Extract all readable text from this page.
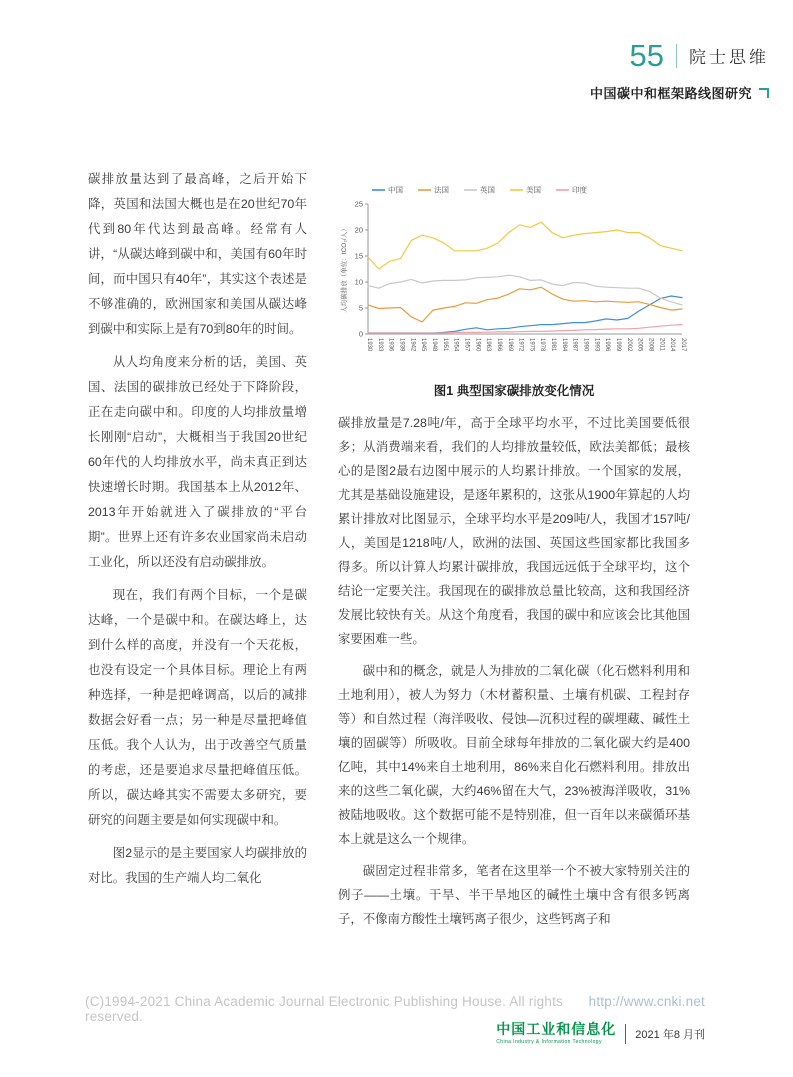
55 院士思维
中国碳中和框架路线图研究

碳排放量达到了最高峰，之后开始下降，英国和法国大概也是在20世纪70年代到80年代达到最高峰。经常有人讲，“从碳达峰到碳中和，美国有60年时间，而中国只有40年”，其实这个表述是不够准确的，欧洲国家和美国从碳达峰到碳中和实际上是有70到80年的时间。

从人均角度来分析的话，美国、英国、法国的碳排放已经处于下降阶段，正在走向碳中和。印度的人均排放量增长刚刚“启动”，大概相当于我国20世纪60年代的人均排放水平，尚未真正到达快速增长时期。我国基本上从2012年、2013年开始就进入了碳排放的“平台期”。世界上还有许多农业国家尚未启动工业化，所以还没有启动碳排放。

现在，我们有两个目标，一个是碳达峰，一个是碳中和。在碳达峰上，达到什么样的高度，并没有一个天花板，也没有设定一个具体目标。理论上有两种选择，一种是把峰调高，以后的减排数据会好看一点；另一种是尽量把峰值压低。我个人认为，出于改善空气质量的考虑，还是要追求尽量把峰值压低。所以，碳达峰其实不需要太多研究，要研究的问题主要是如何实现碳中和。

图2显示的是主要国家人均碳排放的对比。我国的生产端人均二氧化

0
5
10
15
20
25
1930 1933 1936 1939 1942 1945 1948 1951 1954 1957 1960 1963 1966 1969 1972 1975 1978 1981 1984 1987 1990 1993 1996 1999 2002 2005 2008 2011 2014 2017
人均碳排放（单位：tCO₂/人）
中国	法国	英国	美国	印度
图1 典型国家碳排放变化情况

碳排放量是7.28吨/年，高于全球平均水平，不过比美国要低很多；从消费端来看，我们的人均排放量较低，欧法美都低；最核心的是图2最右边图中展示的人均累计排放。一个国家的发展，尤其是基础设施建设，是逐年累积的，这张从1900年算起的人均累计排放对比图显示，全球平均水平是209吨/人，我国才157吨/人，美国是1218吨/人，欧洲的法国、英国这些国家都比我国多得多。所以计算人均累计碳排放，我国远远低于全球平均，这个结论一定要关注。我国现在的碳排放总量比较高，这和我国经济发展比较快有关。从这个角度看，我国的碳中和应该会比其他国家要困难一些。

碳中和的概念，就是人为排放的二氧化碳（化石燃料利用和土地利用），被人为努力（木材蓄积量、土壤有机碳、工程封存等）和自然过程（海洋吸收、侵蚀—沉积过程的碳埋藏、碱性土壤的固碳等）所吸收。目前全球每年排放的二氧化碳大约是400亿吨，其中14%来自土地利用，86%来自化石燃料利用。排放出来的这些二氧化碳，大约46%留在大气，23%被海洋吸收，31%被陆地吸收。这个数据可能不是特别准，但一百年以来碳循环基本上就是这么一个规律。

碳固定过程非常多，笔者在这里举一个不被大家特别关注的例子——土壤。干旱、半干旱地区的碱性土壤中含有很多钙离子，不像南方酸性土壤钙离子很少，这些钙离子和

(C)1994-2021 China Academic Journal Electronic Publishing House. All rights reserved.
http://www.cnki.net
中国工业和信息化
China Industry & Information Technology
2021 年8 月刊
